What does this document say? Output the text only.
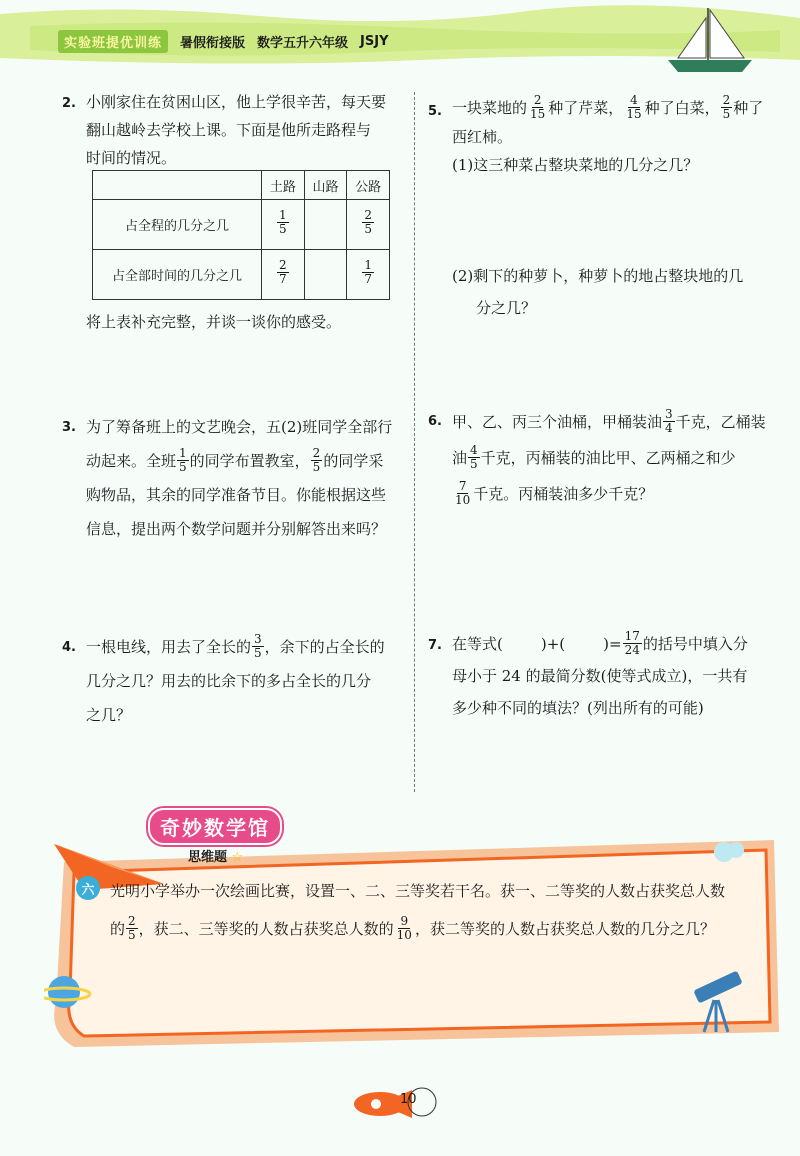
实验班提优训练	暑假衔接版 数学五升六年级 JSJY
2. 小刚家住在贫困山区，他上学很辛苦，每天要
翻山越岭去学校上课。下面是他所走路程与
时间的情况。
	土路	山路	公路
占全程的几分之几	$\frac{1}{5}$		$\frac{2}{5}$

占全部时间的几分之几	$\frac{2}{7}$		$\frac{1}{7}$
将上表补充完整，并谈一谈你的感受。
3. 为了筹备班上的文艺晚会，五(2)班同学全部行
动起来。全班 $\frac{1}{5}$ 的同学布置教室， $\frac{2}{5}$ 的同学采
购物品，其余的同学准备节目。你能根据这些
信息，提出两个数学问题并分别解答出来吗？
4. 一根电线，用去了全长的 $\frac{3}{5}$ ，余下的占全长的
几分之几？用去的比余下的多占全长的几分
之几？
5. 一块菜地的 $\frac{2}{15}$ 种了芹菜， $\frac{4}{15}$ 种了白菜， $\frac{2}{5}$ 种了
西红柿。
(1)这三种菜占整块菜地的几分之几？
(2)剩下的种萝卜，种萝卜的地占整块地的几
分之几？
6. 甲、乙、丙三个油桶，甲桶装油 $\frac{3}{4}$ 千克，乙桶装
油 $\frac{4}{5}$ 千克，丙桶装的油比甲、乙两桶之和少
$\frac{7}{10}$ 千克。丙桶装油多少千克？
7. 在等式(	)+(	)= $\frac{17}{24}$ 的括号中填入分
母小于 24 的最简分数(使等式成立)，一共有
多少种不同的填法？(列出所有的可能)
奇妙数学馆
思维题 ☆
六	光明小学举办一次绘画比赛，设置一、二、三等奖若干名。获一、二等奖的人数占获奖总人数
的 $\frac{2}{5}$ ，获二、三等奖的人数占获奖总人数的 $\frac{9}{10}$ ，获二等奖的人数占获奖总人数的几分之几？
10
